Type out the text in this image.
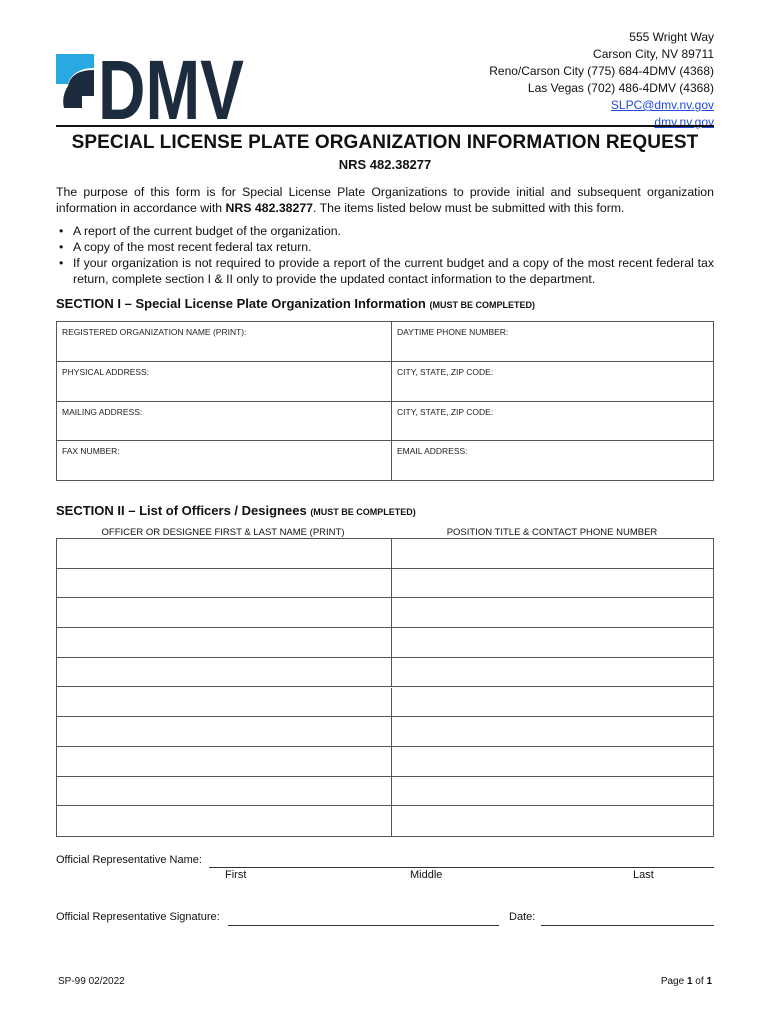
DMV
555 Wright Way
Carson City, NV 89711
Reno/Carson City (775) 684-4DMV (4368)
Las Vegas (702) 486-4DMV (4368)
SLPC@dmv.nv.gov
dmv.nv.gov
SPECIAL LICENSE PLATE ORGANIZATION INFORMATION REQUEST
NRS 482.38277
The purpose of this form is for Special License Plate Organizations to provide initial and subsequent organization information in accordance with NRS 482.38277. The items listed below must be submitted with this form.
• A report of the current budget of the organization.
• A copy of the most recent federal tax return.
• If your organization is not required to provide a report of the current budget and a copy of the most recent federal tax return, complete section I & II only to provide the updated contact information to the department.
SECTION I – Special License Plate Organization Information (MUST BE COMPLETED)
REGISTERED ORGANIZATION NAME (PRINT):	DAYTIME PHONE NUMBER:
PHYSICAL ADDRESS:	CITY, STATE, ZIP CODE:
MAILING ADDRESS:	CITY, STATE, ZIP CODE:
FAX NUMBER:	EMAIL ADDRESS:
SECTION II – List of Officers / Designees (MUST BE COMPLETED)
OFFICER OR DESIGNEE FIRST & LAST NAME (PRINT)	POSITION TITLE & CONTACT PHONE NUMBER
Official Representative Name:
First	Middle	Last
Official Representative Signature:	Date:
SP-99 02/2022	Page 1 of 1
